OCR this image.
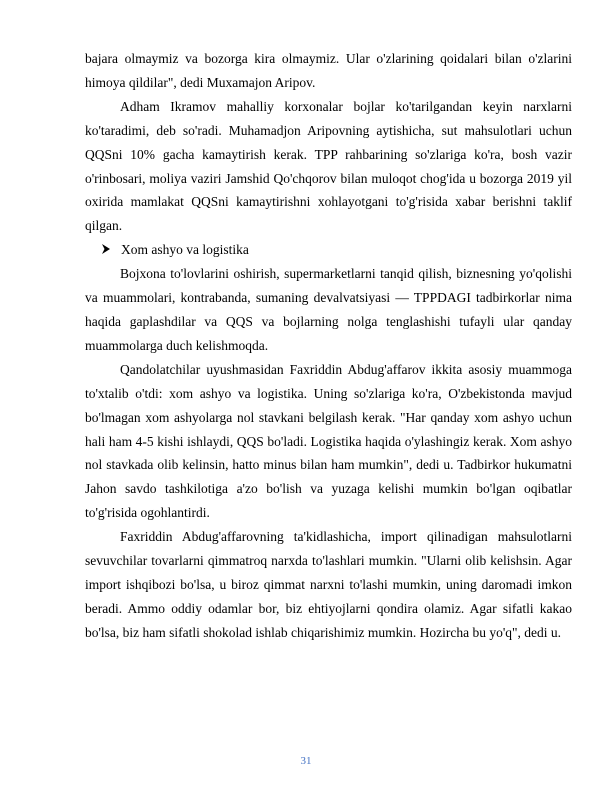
bajara olmaymiz va bozorga kira olmaymiz. Ular o'zlarining qoidalari bilan o'zlarini himoya qildilar", dedi Muxamajon Aripov.

Adham Ikramov mahalliy korxonalar bojlar ko'tarilgandan keyin narxlarni ko'taradimi, deb so'radi. Muhamadjon Aripovning aytishicha, sut mahsulotlari uchun QQSni 10% gacha kamaytirish kerak. TPP rahbarining so'zlariga ko'ra, bosh vazir o'rinbosari, moliya vaziri Jamshid Qo'chqorov bilan muloqot chog'ida u bozorga 2019 yil oxirida mamlakat QQSni kamaytirishni xohlayotgani to'g'risida xabar berishni taklif qilgan.

Xom ashyo va logistika

Bojxona to'lovlarini oshirish, supermarketlarni tanqid qilish, biznesning yo'qolishi va muammolari, kontrabanda, sumaning devalvatsiyasi — TPPDAGI tadbirkorlar nima haqida gaplashdilar va QQS va bojlarning nolga tenglashishi tufayli ular qanday muammolarga duch kelishmoqda.

Qandolatchilar uyushmasidan Faxriddin Abdug'affarov ikkita asosiy muammoga to'xtalib o'tdi: xom ashyo va logistika. Uning so'zlariga ko'ra, O'zbekistonda mavjud bo'lmagan xom ashyolarga nol stavkani belgilash kerak. "Har qanday xom ashyo uchun hali ham 4-5 kishi ishlaydi, QQS bo'ladi. Logistika haqida o'ylashingiz kerak. Xom ashyo nol stavkada olib kelinsin, hatto minus bilan ham mumkin", dedi u. Tadbirkor hukumatni Jahon savdo tashkilotiga a'zo bo'lish va yuzaga kelishi mumkin bo'lgan oqibatlar to'g'risida ogohlantirdi.

Faxriddin Abdug'affarovning ta'kidlashicha, import qilinadigan mahsulotlarni sevuvchilar tovarlarni qimmatroq narxda to'lashlari mumkin. "Ularni olib kelishsin. Agar import ishqibozi bo'lsa, u biroz qimmat narxni to'lashi mumkin, uning daromadi imkon beradi. Ammo oddiy odamlar bor, biz ehtiyojlarni qondira olamiz. Agar sifatli kakao bo'lsa, biz ham sifatli shokolad ishlab chiqarishimiz mumkin. Hozircha bu yo'q", dedi u.

31
